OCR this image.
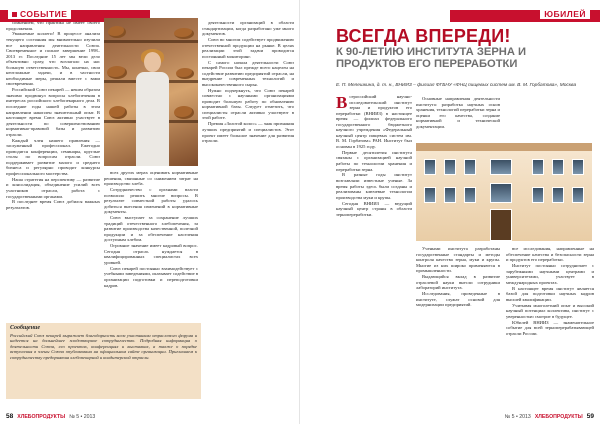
СОБЫТИЕ

сомнением, что практика не имеет своего продолжения.

Уважаемые коллеги! В процессе анализа текущего состояния мы внимательно изучили все направления деятельности Союза. Своевременное и полное завершение 1998–2013 гг. Последние 15 лет мы вели дело объективно сразу, что возлагало на нас большую ответственность. Мы, конечно, свои неотложные задачи, и в частности необходимые меры, решали вместе с вами своевременно.

Российский Союз пекарей — неким образом значимо продвинул вопросы хлебопечения в интересах российского хлебопекарного дела. В последние годы нашей работы в этом направлении накоплен значительный опыт. В настоящее время Союз активно участвует в деятельности по совершенствованию нормативно-правовой базы и развитию отрасли.

Каждый член нашего правления — заслуженный профессионал. Ежегодно проводятся конференции, семинары, круглые столы по вопросам отрасли. Союз поддерживает развитие малого и среднего бизнеса и регулярно проводит конкурсы профессионального мастерства.

Наша стратегия на перспективу — развитие и консолидация, объединение усилий всех участников отрасли, работа с государственными органами.

В последнее время Союз добился важных результатов.

всех других мерах оценивать нормативные решения, связанные со снижением затрат на производство хлеба.

Сотрудничество с органами власти позволило решить многие вопросы. В результате совместной работы удалось добиться внесения изменений в нормативные документы.

Союз выступает за сохранение лучших традиций отечественного хлебопечения, за развитие производства качественной, полезной продукции и за обеспечение населения доступным хлебом.

Огромное значение имеет кадровый вопрос. Сегодня отрасль нуждается в квалифицированных специалистах всех уровней.

Союз пекарей постоянно взаимодействует с учебными заведениями, оказывает содействие в организации подготовки и переподготовки кадров.

деятельности организаций в области стандартизации, когда разработано уже много документов.

Союз во многом содействует продвижению отечественной продукции на рынке. В целях реализации этой задачи проводится постоянный мониторинг.

С самого начала деятельности Союз пекарей России был прежде всего нацелен на содействие развитию предприятий отрасли, на внедрение современных технологий и высококачественного сырья.

Нужно подчеркнуть, что Союз пекарей совместно с научными организациями проводит большую работу по обновлению нормативной базы. Следует отметить, что специалисты отрасли активно участвуют в этой работе.

Премия «Золотой колос» — знак признания лучших предприятий и специалистов. Этот проект имеет большое значение для развития отрасли.

Сообщение
Российский Союз пекарей выражает благодарность всем участникам отраслевого форума и надеется на дальнейшее плодотворное сотрудничество. Подробная информация о деятельности Союза, его проектах, конференциях и выставках, а также о порядке вступления в члены Союза опубликована на официальном сайте организации. Приглашаем к сотрудничеству предприятия хлебопекарной и кондитерской отрасли.
58 ХЛЕБОПРОДУКТЫ № 5 • 2013
ЮБИЛЕЙ
ВСЕГДА ВПЕРЕДИ!
К 90-ЛЕТИЮ ИНСТИТУТА ЗЕРНА И ПРОДУКТОВ ЕГО ПЕРЕРАБОТКИ
Е. П. Мелешкина, д. т. н., ВНИИЗ – филиал ФГБНУ «ФНЦ пищевых систем им. В. М. Горбатова», Москва
В сероссийский научно-исследовательский институт зерна и продуктов его переработки (ВНИИЗ) в настоящее время — филиал федерального государственного бюджетного научного учреждения «Федеральный научный центр пищевых систем им. В. М. Горбатова» РАН. Институт был основан в 1925 году.

Первые десятилетия института связаны с организацией научной работы по технологии хранения и переработки зерна.

В разные годы институт возглавляли известные ученые. За время работы здесь были созданы и реализованы ключевые технологии производства муки и крупы.

Сегодня ВНИИЗ — ведущий научный центр страны в области зернопереработки.

Основные направления деятельности института: разработка научных основ хранения, технологий переработки зерна и оценки его качества, создание нормативной и технической документации.

Учеными института разработаны государственные стандарты и методы контроля качества зерна, муки и крупы. Многие из них широко применяются в промышленности.

Выдающийся вклад в развитие отраслевой науки внесли сотрудники лабораторий института.

Исследования, проведенные в институте, служат основой для модернизации предприятий.

все исследования, направленные на обеспечение качества и безопасности зерна и продуктов его переработки.

Институт постоянно сотрудничает с зарубежными научными центрами и университетами, участвует в международных проектах.

В настоящее время институт является базой для подготовки научных кадров высшей квалификации.

Учитывая многолетний опыт и высокий научный потенциал коллектива, институт с уверенностью смотрит в будущее.

Юбилей ВНИИЗ — знаменательное событие для всей зерноперерабатывающей отрасли России.

№ 5 • 2013 ХЛЕБОПРОДУКТЫ 59
